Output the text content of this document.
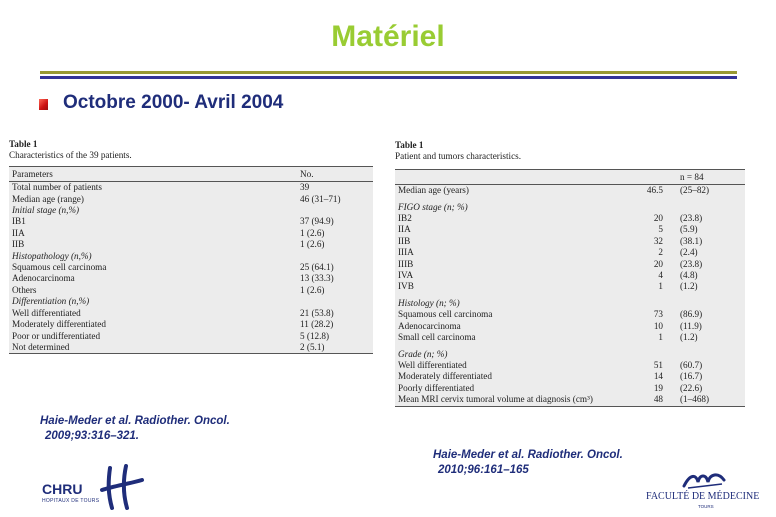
Matériel
Octobre 2000- Avril 2004
Table 1
Characteristics of the 39 patients.
Parameters	No.
Total number of patients	39
Median age (range)	46 (31–71)
Initial stage (n,%)	
IB1	37 (94.9)
IIA	1 (2.6)
IIB	1 (2.6)
Histopathology (n,%)	
Squamous cell carcinoma	25 (64.1)
Adenocarcinoma	13 (33.3)
Others	1 (2.6)
Differentiation (n,%)	
Well differentiated	21 (53.8)
Moderately differentiated	11 (28.2)
Poor or undifferentiated	5 (12.8)
Not determined	2 (5.1)
Table 1
Patient and tumors characteristics.
		n = 84
Median age (years)	46.5	(25–82)

FIGO stage (n; %)		
IB2	20	(23.8)
IIA	5	(5.9)
IIB	32	(38.1)
IIIA	2	(2.4)
IIIB	20	(23.8)
IVA	4	(4.8)
IVB	1	(1.2)

Histology (n; %)		
Squamous cell carcinoma	73	(86.9)
Adenocarcinoma	10	(11.9)
Small cell carcinoma	1	(1.2)

Grade (n; %)		
Well differentiated	51	(60.7)
Moderately differentiated	14	(16.7)
Poorly differentiated	19	(22.6)
Mean MRI cervix tumoral volume at diagnosis (cm³)	48	(1–468)
Haie-Meder et al. Radiother. Oncol.
2009;93:316–321.
Haie-Meder et al. Radiother. Oncol.
2010;96:161–165
CHRU
HOPITAUX DE TOURS	FACULTÉ DE MÉDECINE
TOURS
